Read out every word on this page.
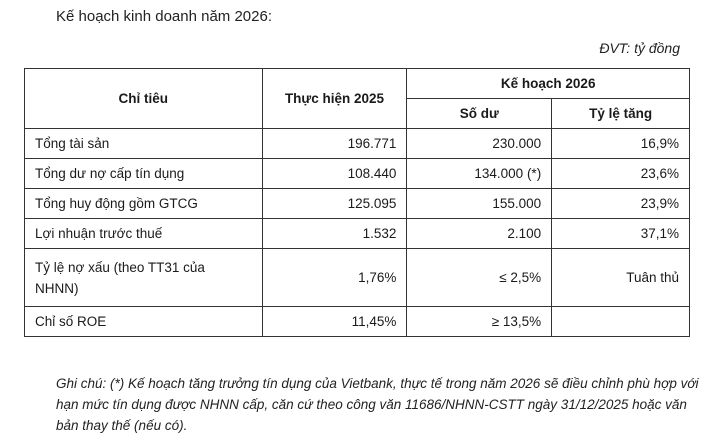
Kế hoạch kinh doanh năm 2026:
ĐVT: tỷ đồng
Chỉ tiêu	Thực hiện 2025	Kế hoạch 2026	
		Số dư	Tỷ lệ tăng
Tổng tài sản	196.771	230.000	16,9%
Tổng dư nợ cấp tín dụng	108.440	134.000 (*)	23,6%
Tổng huy động gồm GTCG	125.095	155.000	23,9%
Lợi nhuận trước thuế	1.532	2.100	37,1%
Tỷ lệ nợ xấu (theo TT31 của NHNN)	1,76%	≤ 2,5%	Tuân thủ
Chỉ số ROE	11,45%	≥ 13,5%	
Ghi chú: (*) Kế hoạch tăng trưởng tín dụng của Vietbank, thực tế trong năm 2026 sẽ điều chỉnh phù hợp với hạn mức tín dụng được NHNN cấp, căn cứ theo công văn 11686/NHNN-CSTT ngày 31/12/2025 hoặc văn bản thay thế (nếu có).
